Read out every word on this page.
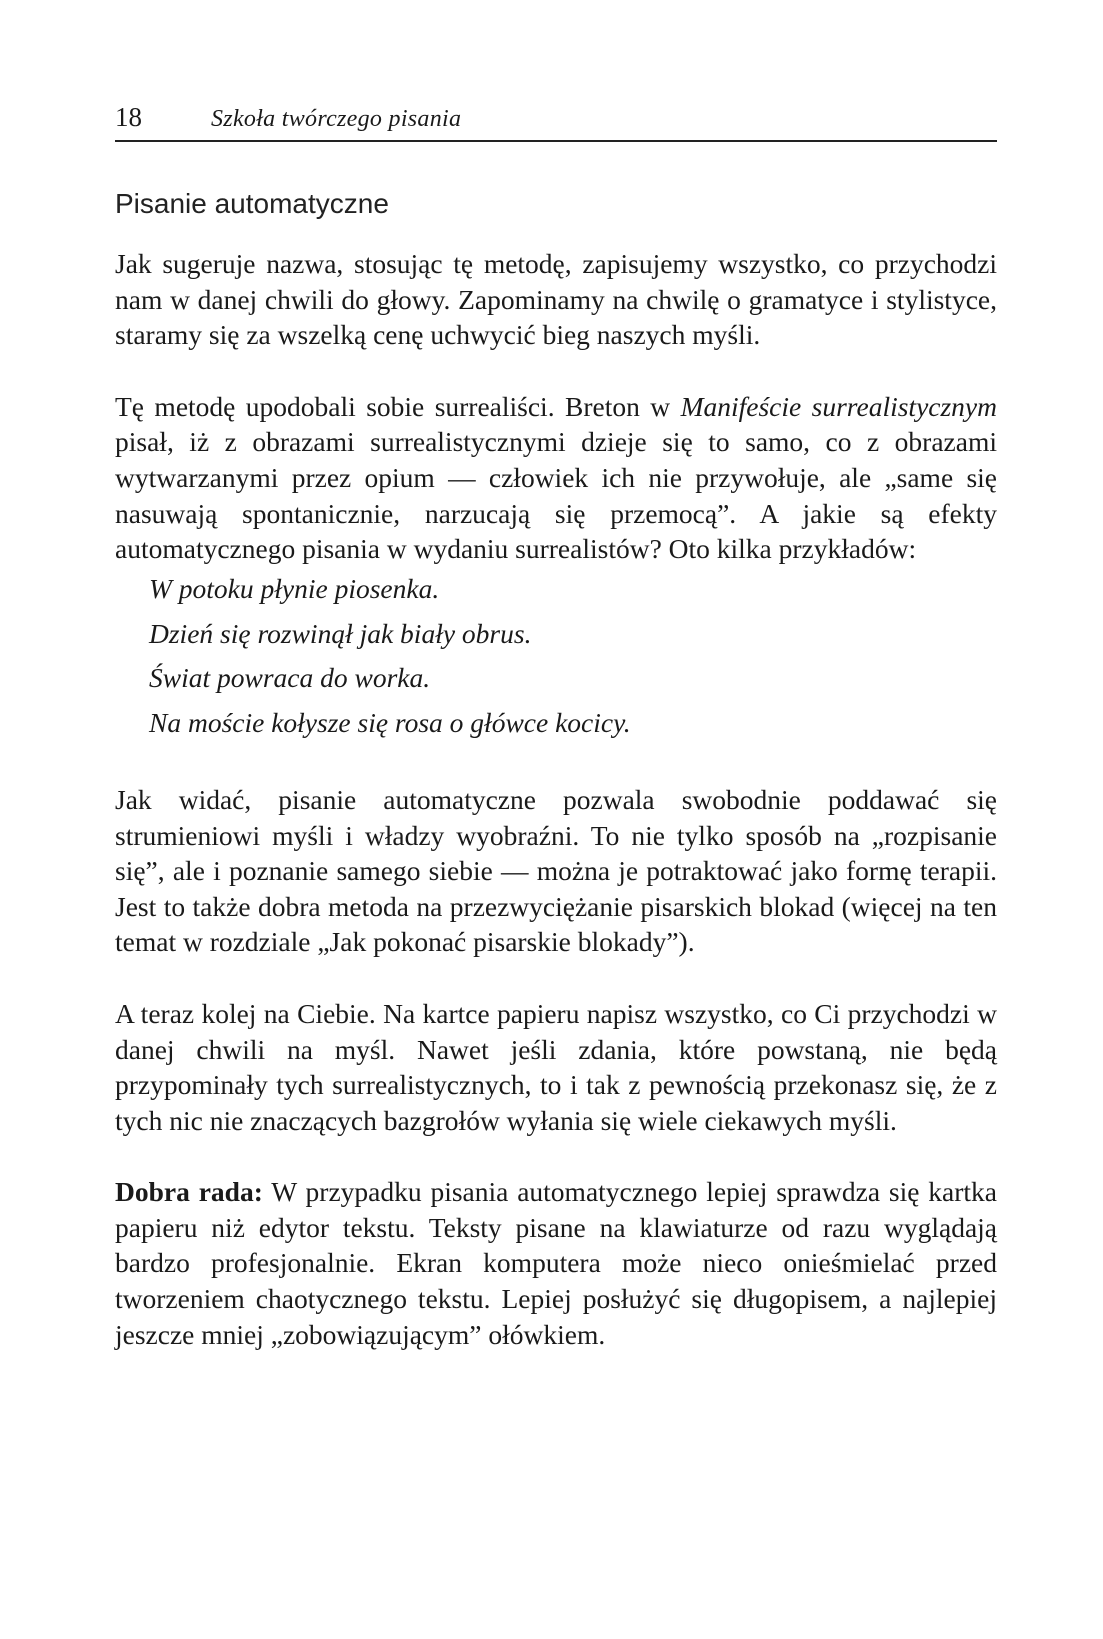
18	Szkoła twórczego pisania
Pisanie automatyczne

Jak sugeruje nazwa, stosując tę metodę, zapisujemy wszystko, co przychodzi nam w danej chwili do głowy. Zapominamy na chwilę o gramatyce i stylistyce, staramy się za wszelką cenę uchwycić bieg naszych myśli.

Tę metodę upodobali sobie surrealiści. Breton w Manifeście surrealistycznym pisał, iż z obrazami surrealistycznymi dzieje się to samo, co z obrazami wytwarzanymi przez opium — człowiek ich nie przywołuje, ale „same się nasuwają spontanicznie, narzucają się przemocą”. A jakie są efekty automatycznego pisania w wydaniu surrealistów? Oto kilka przykładów:

W potoku płynie piosenka.
Dzień się rozwinął jak biały obrus.
Świat powraca do worka.
Na moście kołysze się rosa o główce kocicy.

Jak widać, pisanie automatyczne pozwala swobodnie poddawać się strumieniowi myśli i władzy wyobraźni. To nie tylko sposób na „rozpisanie się”, ale i poznanie samego siebie — można je potraktować jako formę terapii. Jest to także dobra metoda na przezwyciężanie pisarskich blokad (więcej na ten temat w rozdziale „Jak pokonać pisarskie blokady”).

A teraz kolej na Ciebie. Na kartce papieru napisz wszystko, co Ci przychodzi w danej chwili na myśl. Nawet jeśli zdania, które powstaną, nie będą przypominały tych surrealistycznych, to i tak z pewnością przekonasz się, że z tych nic nie znaczących bazgrołów wyłania się wiele ciekawych myśli.

Dobra rada: W przypadku pisania automatycznego lepiej sprawdza się kartka papieru niż edytor tekstu. Teksty pisane na klawiaturze od razu wyglądają bardzo profesjonalnie. Ekran komputera może nieco onieśmielać przed tworzeniem chaotycznego tekstu. Lepiej posłużyć się długopisem, a najlepiej jeszcze mniej „zobowiązującym” ołówkiem.
